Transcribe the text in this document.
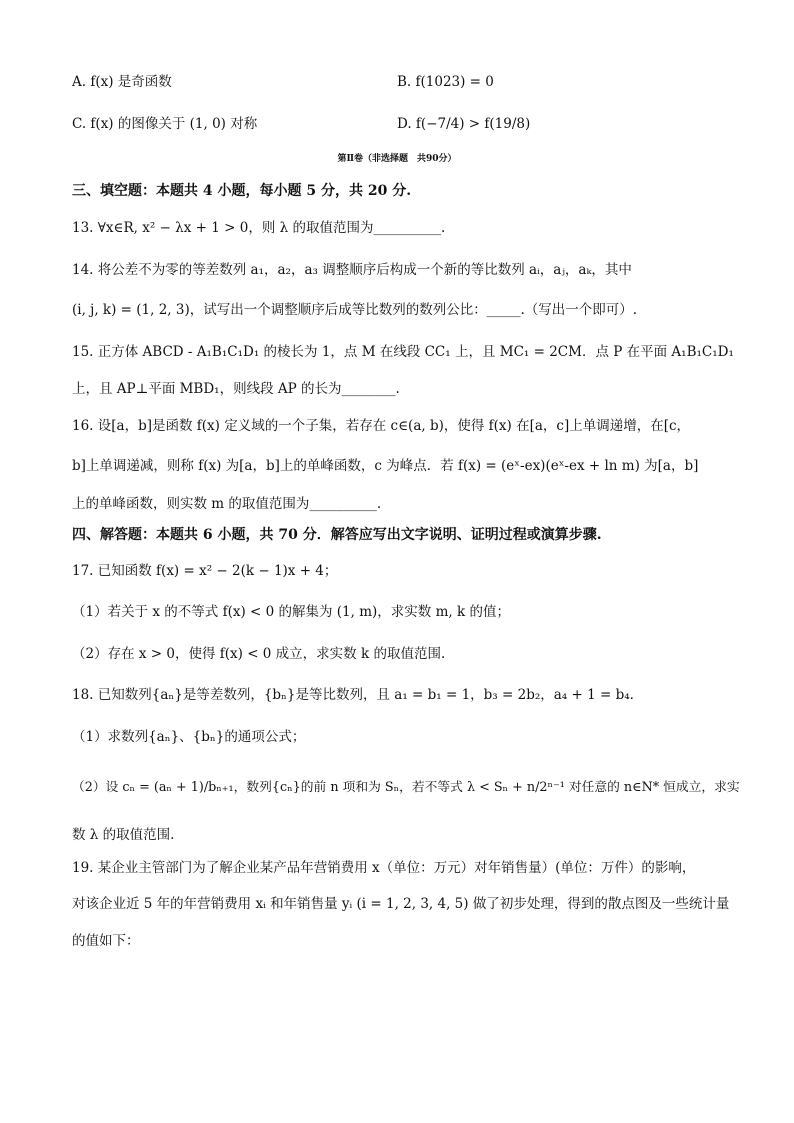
A. f(x) 是奇函数	B. f(1023) = 0
C. f(x) 的图像关于 (1, 0) 对称	D. f(−7/4) > f(19/8)
第Ⅱ卷（非选择题　共90分）
三、填空题：本题共 4 小题，每小题 5 分，共 20 分.
13. ∀x∈R, x² − λx + 1 > 0，则 λ 的取值范围为__________.
14. 将公差不为零的等差数列 a₁，a₂，a₃ 调整顺序后构成一个新的等比数列 aᵢ，aⱼ，aₖ，其中
(i, j, k) = (1, 2, 3)，试写出一个调整顺序后成等比数列的数列公比：_____.（写出一个即可）.
15. 正方体 ABCD - A₁B₁C₁D₁ 的棱长为 1，点 M 在线段 CC₁ 上，且 MC₁ = 2CM．点 P 在平面 A₁B₁C₁D₁
上，且 AP⊥平面 MBD₁，则线段 AP 的长为________.
16. 设[a，b]是函数 f(x) 定义域的一个子集，若存在 c∈(a, b)，使得 f(x) 在[a，c]上单调递增，在[c，
b]上单调递减，则称 f(x) 为[a，b]上的单峰函数，c 为峰点．若 f(x) = (eˣ-ex)(eˣ-ex + ln m) 为[a，b]
上的单峰函数，则实数 m 的取值范围为__________.
四、解答题：本题共 6 小题，共 70 分．解答应写出文字说明、证明过程或演算步骤.
17. 已知函数 f(x) = x² − 2(k − 1)x + 4；
（1）若关于 x 的不等式 f(x) < 0 的解集为 (1, m)，求实数 m, k 的值；
（2）存在 x > 0，使得 f(x) < 0 成立，求实数 k 的取值范围.
18. 已知数列{aₙ}是等差数列，{bₙ}是等比数列，且 a₁ = b₁ = 1，b₃ = 2b₂，a₄ + 1 = b₄．
（1）求数列{aₙ}、{bₙ}的通项公式；
（2）设 cₙ = (aₙ + 1)/bₙ₊₁，数列{cₙ}的前 n 项和为 Sₙ，若不等式 λ < Sₙ + n/2ⁿ⁻¹ 对任意的 n∈N* 恒成立，求实
数 λ 的取值范围.
19. 某企业主管部门为了解企业某产品年营销费用 x（单位：万元）对年销售量）(单位：万件）的影响，
对该企业近 5 年的年营销费用 xᵢ 和年销售量 yᵢ (i = 1, 2, 3, 4, 5) 做了初步处理，得到的散点图及一些统计量
的值如下：
